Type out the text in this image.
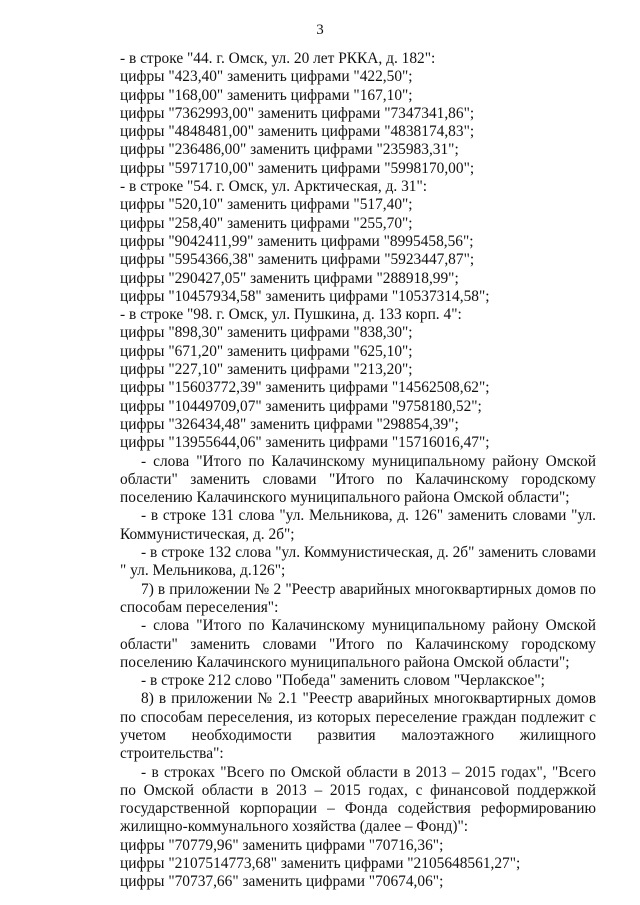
3
- в строке "44. г. Омск, ул. 20 лет РККА, д. 182":
цифры "423,40" заменить цифрами "422,50";
цифры "168,00" заменить цифрами "167,10";
цифры "7362993,00" заменить цифрами "7347341,86";
цифры "4848481,00" заменить цифрами "4838174,83";
цифры "236486,00" заменить цифрами "235983,31";
цифры "5971710,00" заменить цифрами "5998170,00";
- в строке "54. г. Омск, ул. Арктическая, д. 31":
цифры "520,10" заменить цифрами "517,40";
цифры "258,40" заменить цифрами "255,70";
цифры "9042411,99" заменить цифрами "8995458,56";
цифры "5954366,38" заменить цифрами "5923447,87";
цифры "290427,05" заменить цифрами "288918,99";
цифры "10457934,58" заменить цифрами "10537314,58";
- в строке "98. г. Омск, ул. Пушкина, д. 133 корп. 4":
цифры "898,30" заменить цифрами "838,30";
цифры "671,20" заменить цифрами "625,10";
цифры "227,10" заменить цифрами "213,20";
цифры "15603772,39" заменить цифрами "14562508,62";
цифры "10449709,07" заменить цифрами "9758180,52";
цифры "326434,48" заменить цифрами "298854,39";
цифры "13955644,06" заменить цифрами "15716016,47";
- слова "Итого по Калачинскому муниципальному району Омской области" заменить словами "Итого по Калачинскому городскому поселению Калачинского муниципального района Омской области";
- в строке 131 слова "ул. Мельникова, д. 126" заменить словами "ул. Коммунистическая, д. 2б";
- в строке 132 слова "ул. Коммунистическая, д. 2б" заменить словами " ул. Мельникова, д.126";
7) в приложении № 2 "Реестр аварийных многоквартирных домов по способам переселения":
- слова "Итого по Калачинскому муниципальному району Омской области" заменить словами "Итого по Калачинскому городскому поселению Калачинского муниципального района Омской области";
- в строке 212 слово "Победа" заменить словом "Черлакское";
8) в приложении № 2.1 "Реестр аварийных многоквартирных домов по способам переселения, из которых переселение граждан подлежит с учетом необходимости развития малоэтажного жилищного строительства":
- в строках "Всего по Омской области в 2013 – 2015 годах", "Всего по Омской области в 2013 – 2015 годах, с финансовой поддержкой государственной корпорации – Фонда содействия реформированию жилищно-коммунального хозяйства (далее – Фонд)":
цифры "70779,96" заменить цифрами "70716,36";
цифры "2107514773,68" заменить цифрами "2105648561,27";
цифры "70737,66" заменить цифрами "70674,06";
